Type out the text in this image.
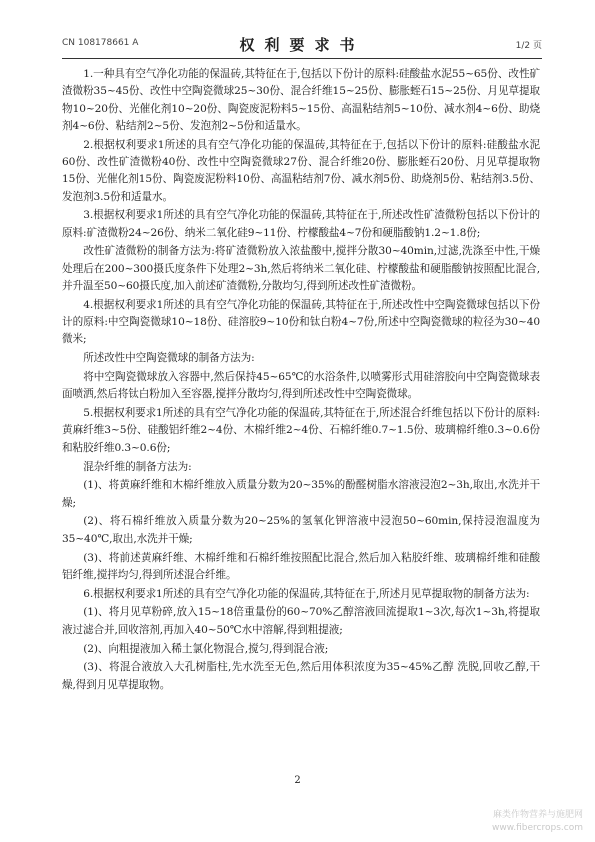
CN 108178661 A	权利要求书	1/2 页

1.一种具有空气净化功能的保温砖,其特征在于,包括以下份计的原料:硅酸盐水泥55~65份、改性矿渣微粉35~45份、改性中空陶瓷微球25~30份、混合纤维15~25份、膨胀蛭石15~25份、月见草提取物10~20份、光催化剂10~20份、陶瓷废泥粉料5~15份、高温粘结剂5~10份、减水剂4~6份、助烧剂4~6份、粘结剂2~5份、发泡剂2~5份和适量水。

2.根据权利要求1所述的具有空气净化功能的保温砖,其特征在于,包括以下份计的原料:硅酸盐水泥60份、改性矿渣微粉40份、改性中空陶瓷微球27份、混合纤维20份、膨胀蛭石20份、月见草提取物15份、光催化剂15份、陶瓷废泥粉料10份、高温粘结剂7份、减水剂5份、助烧剂5份、粘结剂3.5份、发泡剂3.5份和适量水。

3.根据权利要求1所述的具有空气净化功能的保温砖,其特征在于,所述改性矿渣微粉包括以下份计的原料:矿渣微粉24~26份、纳米二氧化硅9~11份、柠檬酸盐4~7份和硬脂酸钠1.2~1.8份;

改性矿渣微粉的制备方法为:将矿渣微粉放入浓盐酸中,搅拌分散30~40min,过滤,洗涤至中性,干燥处理后在200~300摄氏度条件下处理2~3h,然后将纳米二氧化硅、柠檬酸盐和硬脂酸钠按照配比混合,并升温至50~60摄氏度,加入前述矿渣微粉,分散均匀,得到所述改性矿渣微粉。

4.根据权利要求1所述的具有空气净化功能的保温砖,其特征在于,所述改性中空陶瓷微球包括以下份计的原料:中空陶瓷微球10~18份、硅溶胶9~10份和钛白粉4~7份,所述中空陶瓷微球的粒径为30~40微米;

所述改性中空陶瓷微球的制备方法为:

将中空陶瓷微球放入容器中,然后保持45~65℃的水浴条件,以喷雾形式用硅溶胶向中空陶瓷微球表面喷洒,然后将钛白粉加入至容器,搅拌分散均匀,得到所述改性中空陶瓷微球。

5.根据权利要求1所述的具有空气净化功能的保温砖,其特征在于,所述混合纤维包括以下份计的原料:黄麻纤维3~5份、硅酸铝纤维2~4份、木棉纤维2~4份、石棉纤维0.7~1.5份、玻璃棉纤维0.3~0.6份和粘胶纤维0.3~0.6份;

混杂纤维的制备方法为:

(1)、将黄麻纤维和木棉纤维放入质量分数为20~35%的酚醛树脂水溶液浸泡2~3h,取出,水洗并干燥;

(2)、将石棉纤维放入质量分数为20~25%的氢氧化钾溶液中浸泡50~60min,保持浸泡温度为35~40℃,取出,水洗并干燥;

(3)、将前述黄麻纤维、木棉纤维和石棉纤维按照配比混合,然后加入粘胶纤维、玻璃棉纤维和硅酸铝纤维,搅拌均匀,得到所述混合纤维。

6.根据权利要求1所述的具有空气净化功能的保温砖,其特征在于,所述月见草提取物的制备方法为:

(1)、将月见草粉碎,放入15~18倍重量份的60~70%乙醇溶液回流提取1~3次,每次1~3h,将提取液过滤合并,回收溶剂,再加入40~50℃水中溶解,得到粗提液;

(2)、向粗提液加入稀土氯化物混合,搅匀,得到混合液;

(3)、将混合液放入大孔树脂柱,先水洗至无色,然后用体积浓度为35~45%乙醇 洗脱,回收乙醇,干燥,得到月见草提取物。

2
麻类作物营养与施肥网
www.fibercrops.com
